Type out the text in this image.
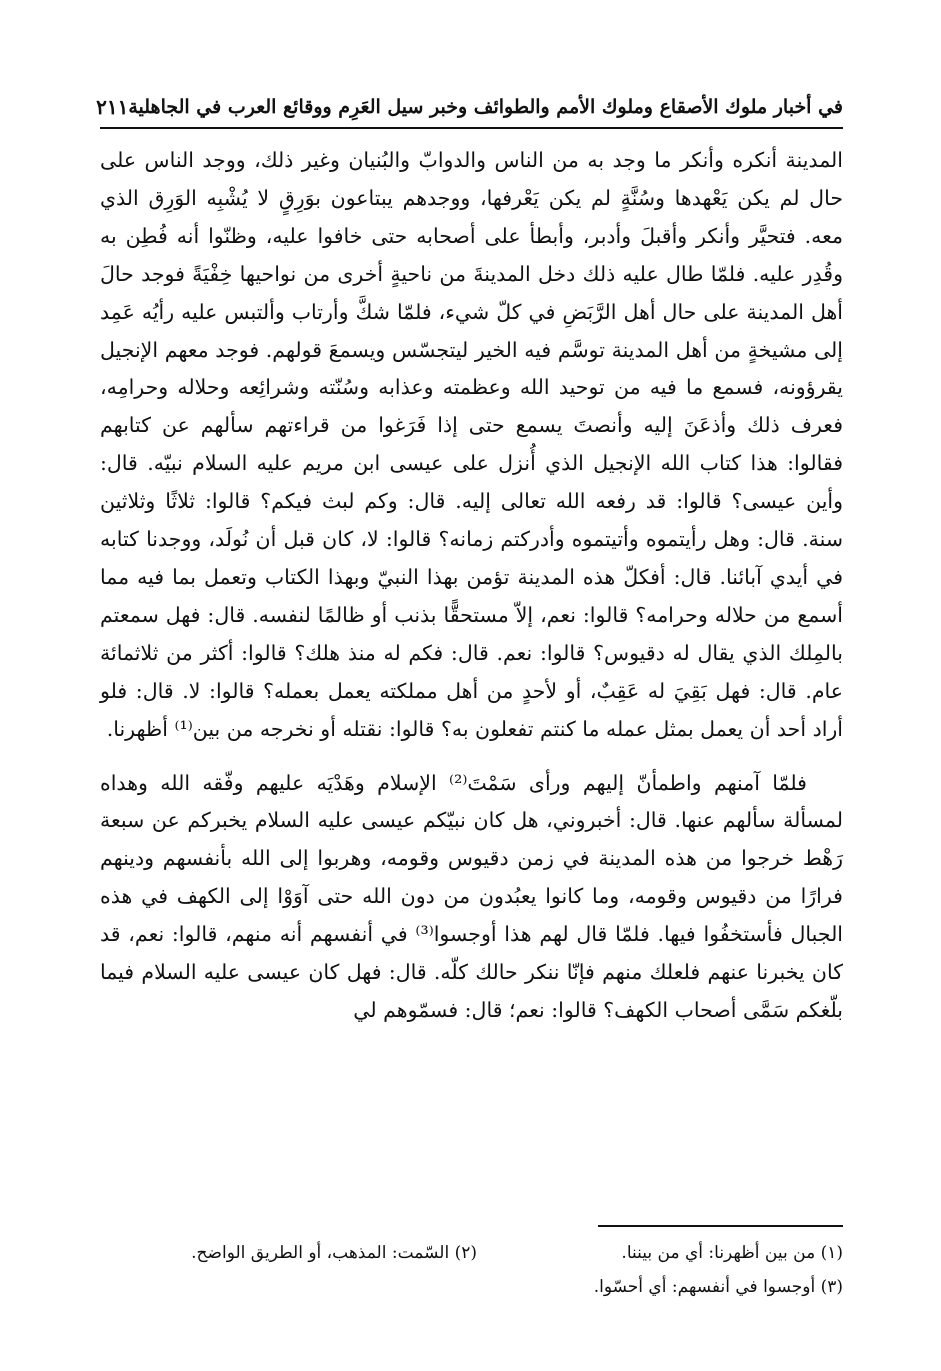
في أخبار ملوك الأصقاع وملوك الأمم والطوائف وخبر سيل العَرِم ووقائع العرب في الجاهلية
٢١١

المدينة أنكره وأنكر ما وجد به من الناس والدوابّ والبُنيان وغير ذلك، ووجد الناس على حال لم يكن يَعْهدها وسُنَّةٍ لم يكن يَعْرفها، ووجدهم يبتاعون بوَرِقٍ لا يُشْبِه الوَرِق الذي معه. فتحيَّر وأنكر وأقبلَ وأدبر، وأبطأ على أصحابه حتى خافوا عليه، وظنّوا أنه فُطِن به وقُدِر عليه. فلمّا طال عليه ذلك دخل المدينةَ من ناحيةٍ أخرى من نواحيها خِفْيَةً فوجد حالَ أهل المدينة على حال أهل الرَّبَضِ في كلّ شيء، فلمّا شكَّ وأرتاب وألتبس عليه رأيُه عَمِد إلى مشيخةٍ من أهل المدينة توسَّم فيه الخير ليتجسّس ويسمعَ قولهم. فوجد معهم الإنجيل يقرؤونه، فسمع ما فيه من توحيد الله وعظمته وعذابه وسُنّته وشرائِعه وحلاله وحرامِه، فعرف ذلك وأذعَنَ إليه وأنصتَ يسمع حتى إذا فَرَغوا من قراءتهم سألهم عن كتابهم فقالوا: هذا كتاب الله الإنجيل الذي أُنزل على عيسى ابن مريم عليه السلام نبيّه. قال: وأين عيسى؟ قالوا: قد رفعه الله تعالى إليه. قال: وكم لبث فيكم؟ قالوا: ثلاثًا وثلاثين سنة. قال: وهل رأيتموه وأتيتموه وأدركتم زمانه؟ قالوا: لا، كان قبل أن نُولَد، ووجدنا كتابه في أيدي آبائنا. قال: أفكلّ هذه المدينة تؤمن بهذا النبيّ وبهذا الكتاب وتعمل بما فيه مما أسمع من حلاله وحرامه؟ قالوا: نعم، إلاّ مستحقًّا بذنب أو ظالمًا لنفسه. قال: فهل سمعتم بالمِلك الذي يقال له دقيوس؟ قالوا: نعم. قال: فكم له منذ هلك؟ قالوا: أكثر من ثلاثمائة عام. قال: فهل بَقِيَ له عَقِبٌ، أو لأحدٍ من أهل مملكته يعمل بعمله؟ قالوا: لا. قال: فلو أراد أحد أن يعمل بمثل عمله ما كنتم تفعلون به؟ قالوا: نقتله أو نخرجه من بين⁽¹⁾ أظهرنا.

فلمّا آمنهم واطمأنّ إليهم ورأى سَمْتَ⁽²⁾ الإسلام وهَدْيَه عليهم وفّقه الله وهداه لمسألة سألهم عنها. قال: أخبروني، هل كان نبيّكم عيسى عليه السلام يخبركم عن سبعة رَهْط خرجوا من هذه المدينة في زمن دقيوس وقومه، وهربوا إلى الله بأنفسهم ودينهم فرارًا من دقيوس وقومه، وما كانوا يعبُدون من دون الله حتى آوَوْا إلى الكهف في هذه الجبال فأستخفُوا فيها. فلمّا قال لهم هذا أوجسوا⁽³⁾ في أنفسهم أنه منهم، قالوا: نعم، قد كان يخبرنا عنهم فلعلك منهم فإنّا ننكر حالك كلّه. قال: فهل كان عيسى عليه السلام فيما بلّغكم سَمَّى أصحاب الكهف؟ قالوا: نعم؛ قال: فسمّوهم لي

(١) من بين أظهرنا: أي من بيننا.
(٢) السّمت: المذهب، أو الطريق الواضح.
(٣) أوجسوا في أنفسهم: أي أحسّوا.
